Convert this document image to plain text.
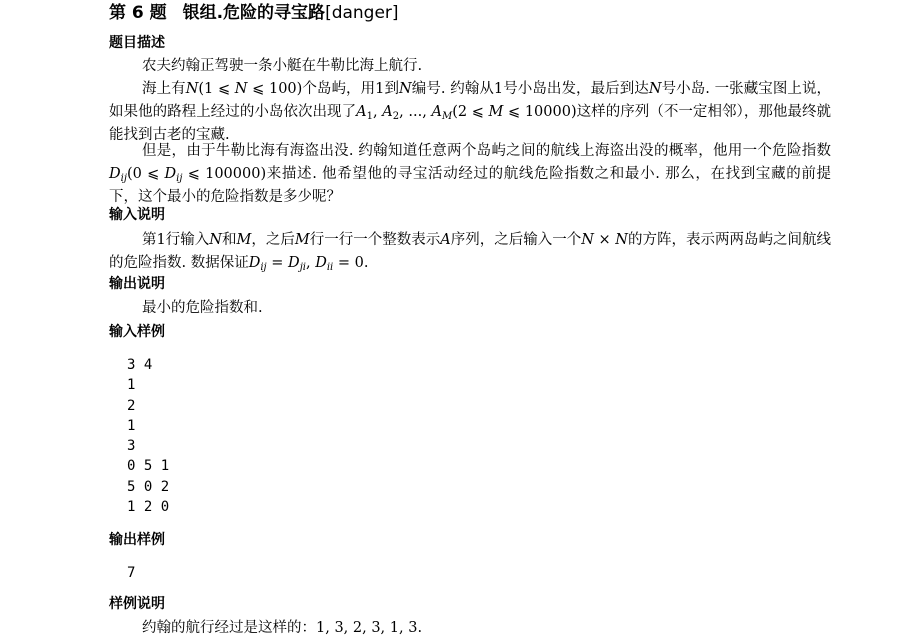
第 6 题 银组.危险的寻宝路[danger]
题目描述
农夫约翰正驾驶一条小艇在牛勒比海上航行.
海上有N(1 ⩽ N ⩽ 100)个岛屿，用1到N编号. 约翰从1号小岛出发，最后到达N号小岛. 一张藏宝图上说，如果他的路程上经过的小岛依次出现了$A_1$, $A_2$, ..., $A_M(2$ ⩽ M ⩽ 10000)这样的序列（不一定相邻），那他最终就能找到古老的宝藏.
但是，由于牛勒比海有海盗出没. 约翰知道任意两个岛屿之间的航线上海盗出没的概率，他用一个危险指数$D_{ij}(0$ ⩽ $D_{ij}$ ⩽ 100000)来描述. 他希望他的寻宝活动经过的航线危险指数之和最小. 那么，在找到宝藏的前提下，这个最小的危险指数是多少呢？
输入说明
第1行输入N和M，之后M行一行一个整数表示A序列，之后输入一个N × N的方阵，表示两两岛屿之间航线的危险指数. 数据保证$D_{ij} = D_{ji}$, $D_{ii} = 0$.
输出说明
最小的危险指数和.
输入样例
3 4
1
2
1
3
0 5 1
5 0 2
1 2 0
输出样例
7
样例说明
约翰的航行经过是这样的：1, 3, 2, 3, 1, 3.
